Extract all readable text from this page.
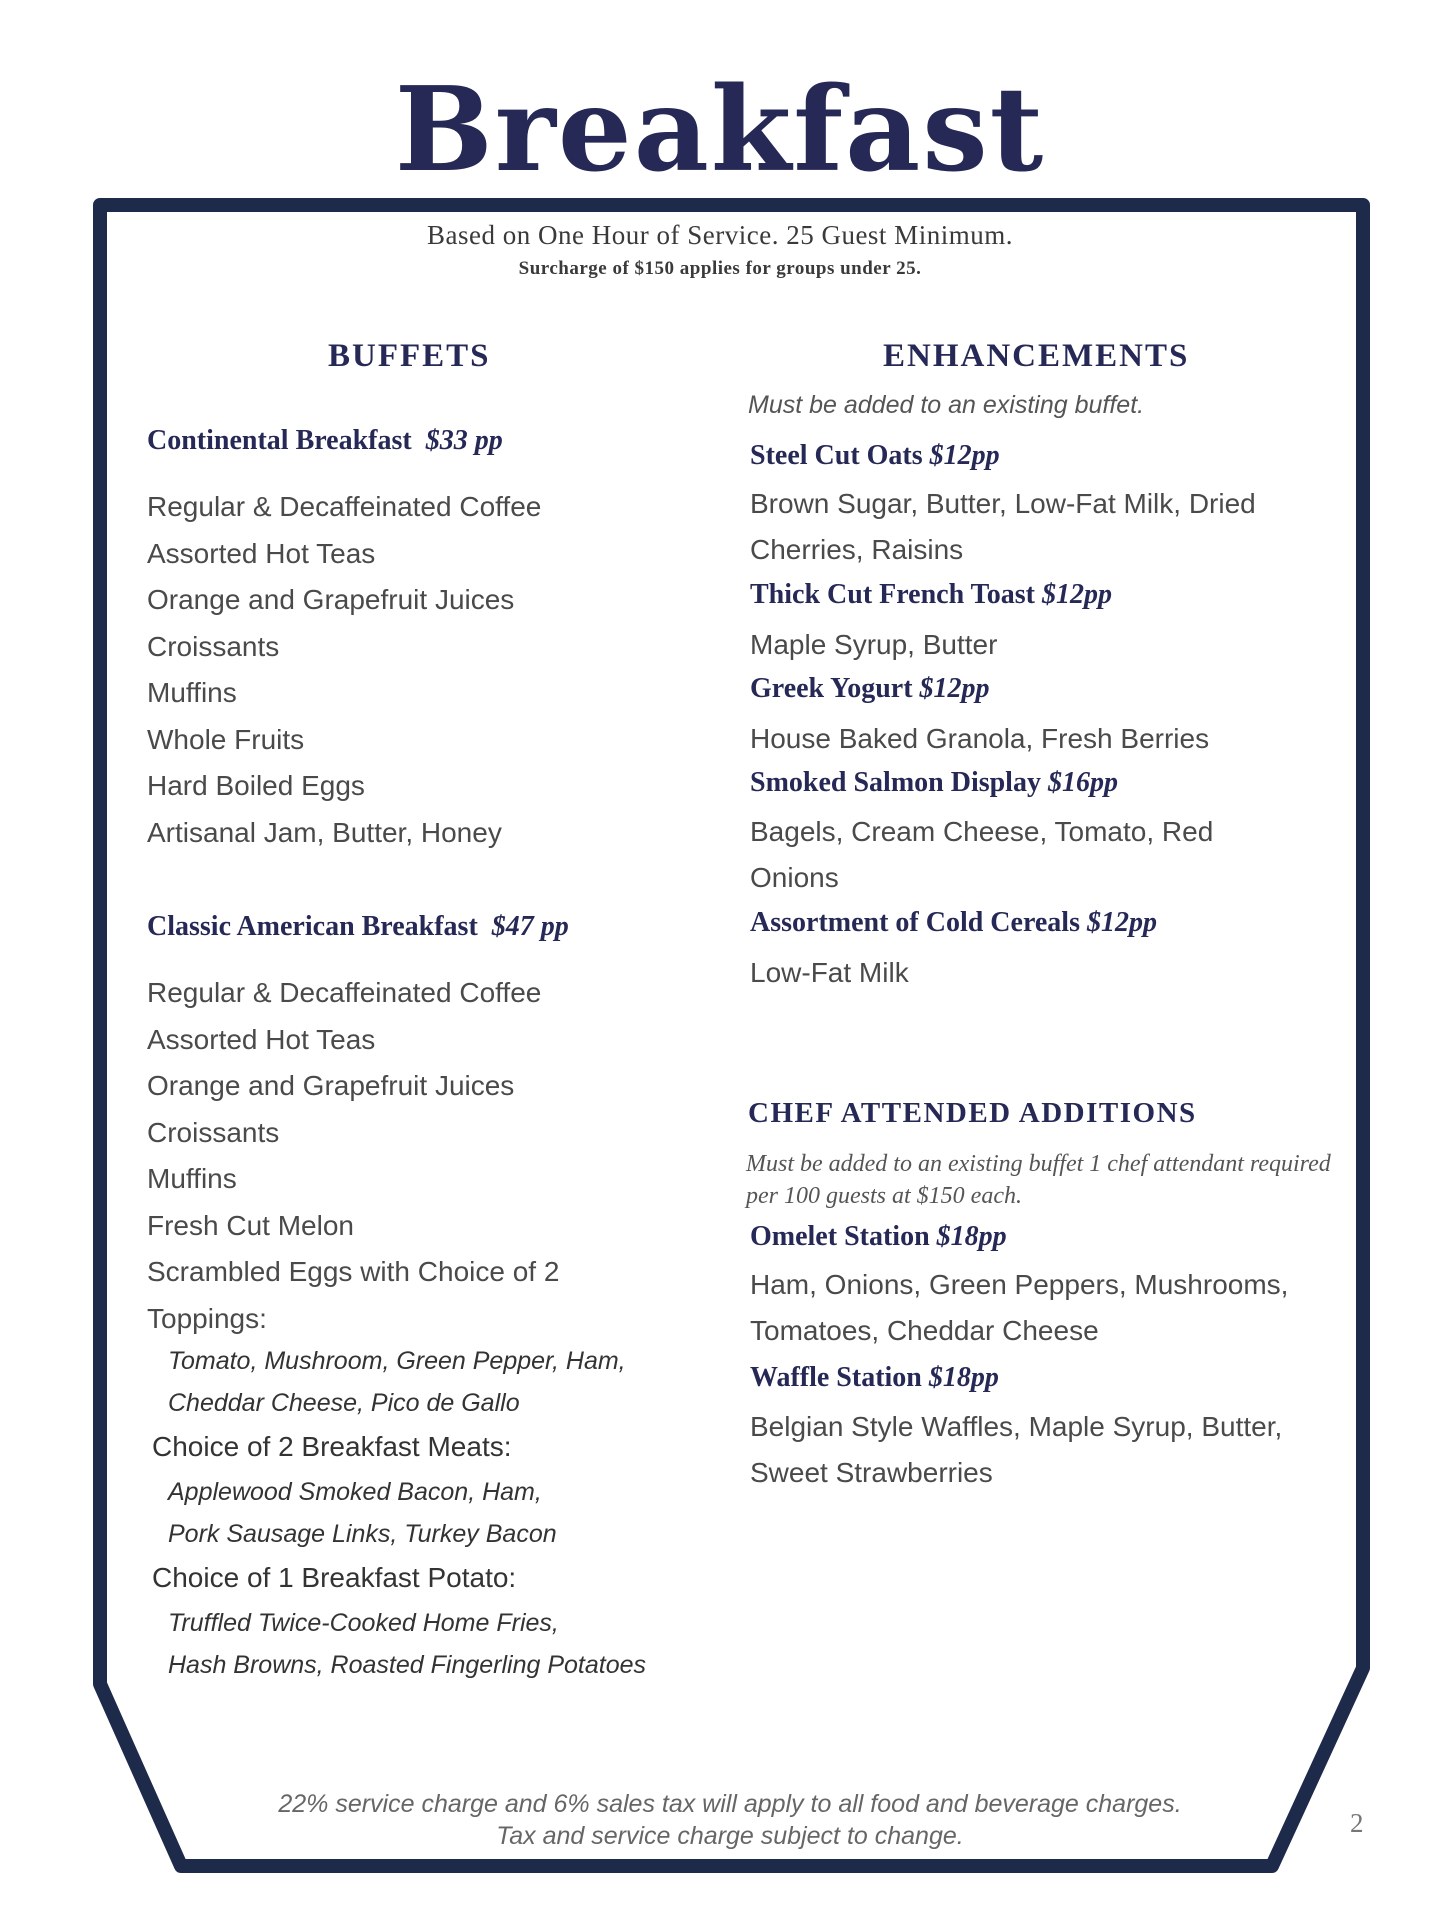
Breakfast
Based on One Hour of Service. 25 Guest Minimum.
Surcharge of $150 applies for groups under 25.
BUFFETS
Continental Breakfast $33 pp
Regular & Decaffeinated Coffee
Assorted Hot Teas
Orange and Grapefruit Juices
Croissants
Muffins
Whole Fruits
Hard Boiled Eggs
Artisanal Jam, Butter, Honey
Classic American Breakfast $47 pp
Regular & Decaffeinated Coffee
Assorted Hot Teas
Orange and Grapefruit Juices
Croissants
Muffins
Fresh Cut Melon
Scrambled Eggs with Choice of 2
Toppings:
Tomato, Mushroom, Green Pepper, Ham,
Cheddar Cheese, Pico de Gallo
Choice of 2 Breakfast Meats:
Applewood Smoked Bacon, Ham,
Pork Sausage Links, Turkey Bacon
Choice of 1 Breakfast Potato:
Truffled Twice-Cooked Home Fries,
Hash Browns, Roasted Fingerling Potatoes
ENHANCEMENTS
Must be added to an existing buffet.
Steel Cut Oats $12pp
Brown Sugar, Butter, Low-Fat Milk, Dried Cherries, Raisins
Thick Cut French Toast $12pp
Maple Syrup, Butter
Greek Yogurt $12pp
House Baked Granola, Fresh Berries
Smoked Salmon Display $16pp
Bagels, Cream Cheese, Tomato, Red Onions
Assortment of Cold Cereals $12pp
Low-Fat Milk
CHEF ATTENDED ADDITIONS
Must be added to an existing buffet 1 chef attendant required per 100 guests at $150 each.
Omelet Station $18pp
Ham, Onions, Green Peppers, Mushrooms, Tomatoes, Cheddar Cheese
Waffle Station $18pp
Belgian Style Waffles, Maple Syrup, Butter, Sweet Strawberries
22% service charge and 6% sales tax will apply to all food and beverage charges. Tax and service charge subject to change.	2
